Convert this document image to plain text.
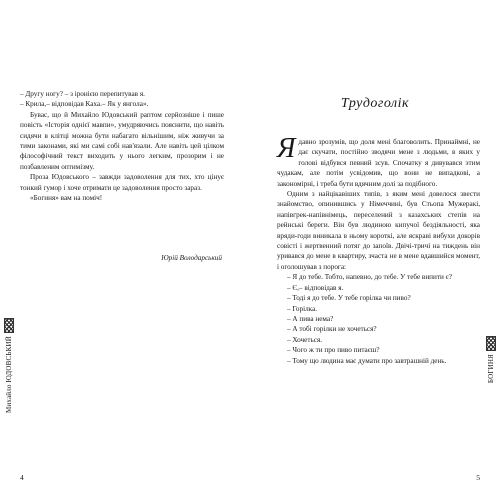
– Другу ногу? – з іронією перепитував я.

– Крила,– відповідав Каха.– Як у янгола».

Бувас, що й Михайло Юдовський раптом серйозніше і пише повість «Історія однієї мавпи», умудряючись пояснити, що навіть сидячи в клітці можна бути набагато вільнішим, ніж живучи за тими законами, які ми самі собі нав'язали. Але навіть цей цілком філософічний текст виходить у нього легким, прозорим і не позбавленим оптимізму.

Проза Юдовського – завжди задоволення для тих, хто цінує тонкий гумор і хоче отримати це задоволення просто зараз.

«Богиня» вам на поміч!

Юрій Володарський
Михайло ЮДОВСЬКИЙ
4
Трудоголік

Ядавно зрозумів, що доля мені благоволить. Принаймні, не дає скучати, постійно зводячи мене з людьми, в яких у голові відбувся певний зсув. Спочатку я дивувався этим чудакам, але потім усвідомив, що вони не випадкові, а закономірні, і треба бути вдячним долі за подібного.

Одним з найцікавіших типів, з яким мені довелося звести знайомство, опинившись у Німеччині, був Стьопа Мужеракі, напівгрек-напівнімець, переселений з казахських степів на рейнські береги. Він був людиною кипучої бездіяльності, яка вряди-годи виникала в ньому короткі, але яскраві вибухи докорів совісті і жертвенний потяг до запоїв. Двічі-тричі на тиждень він уривався до мене в квартиру, зчаста не в мене вдавшийся момент, і оголошував з порога:

– Я до тебе. Тобто, напевно, до тебе. У тебе випити є?

– Є,– відповідав я.

– Тоді я до тебе. У тебе горілка чи пиво?

– Горілка.

– А пива нема?

– А тобі горілки не хочеться?

– Хочеться.

– Чого ж ти про пиво питаєш?

– Тому що людина має думати про завтрашній день.	БОГИНЯ
5
